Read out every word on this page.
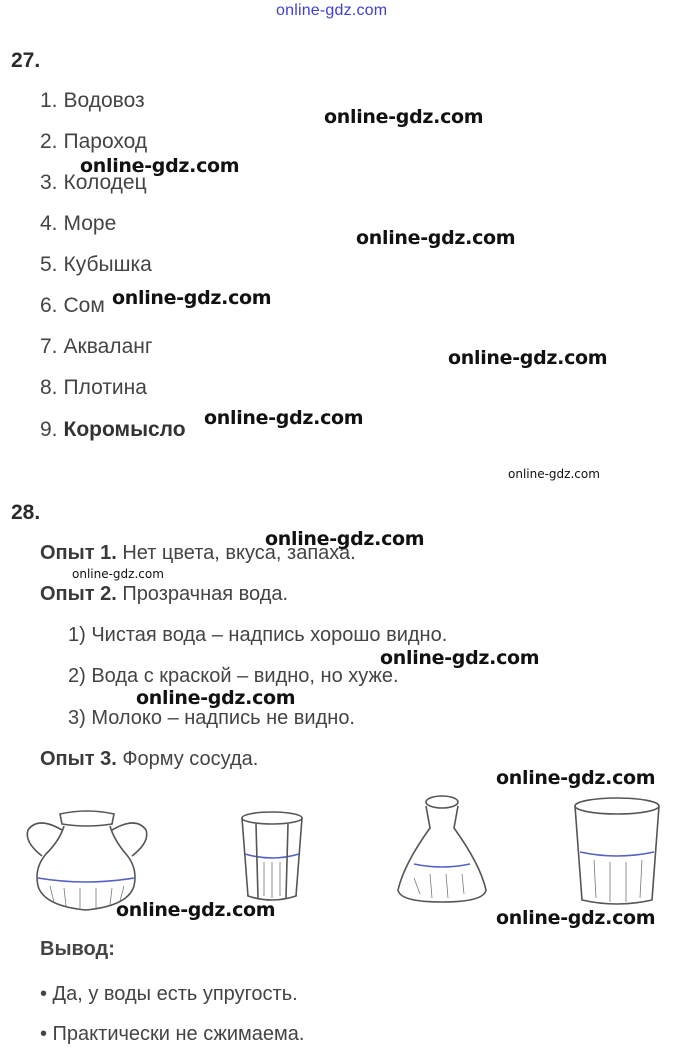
online-gdz.com
27.
1. Водовоз
2. Пароход
3. Колодец
4. Море
5. Кубышка
6. Сом
7. Акваланг
8. Плотина
9. Коромысло
28.
Опыт 1. Нет цвета, вкуса, запаха.
Опыт 2. Прозрачная вода.
1) Чистая вода – надпись хорошо видно.
2) Вода с краской – видно, но хуже.
3) Молоко – надпись не видно.
Опыт 3. Форму сосуда.
Вывод:
• Да, у воды есть упругость.
• Практически не сжимаема.
online-gdz.com
online-gdz.com
online-gdz.com
online-gdz.com
online-gdz.com
online-gdz.com
online-gdz.com
online-gdz.com
online-gdz.com
online-gdz.com
online-gdz.com
online-gdz.com
online-gdz.com	online-gdz.com
